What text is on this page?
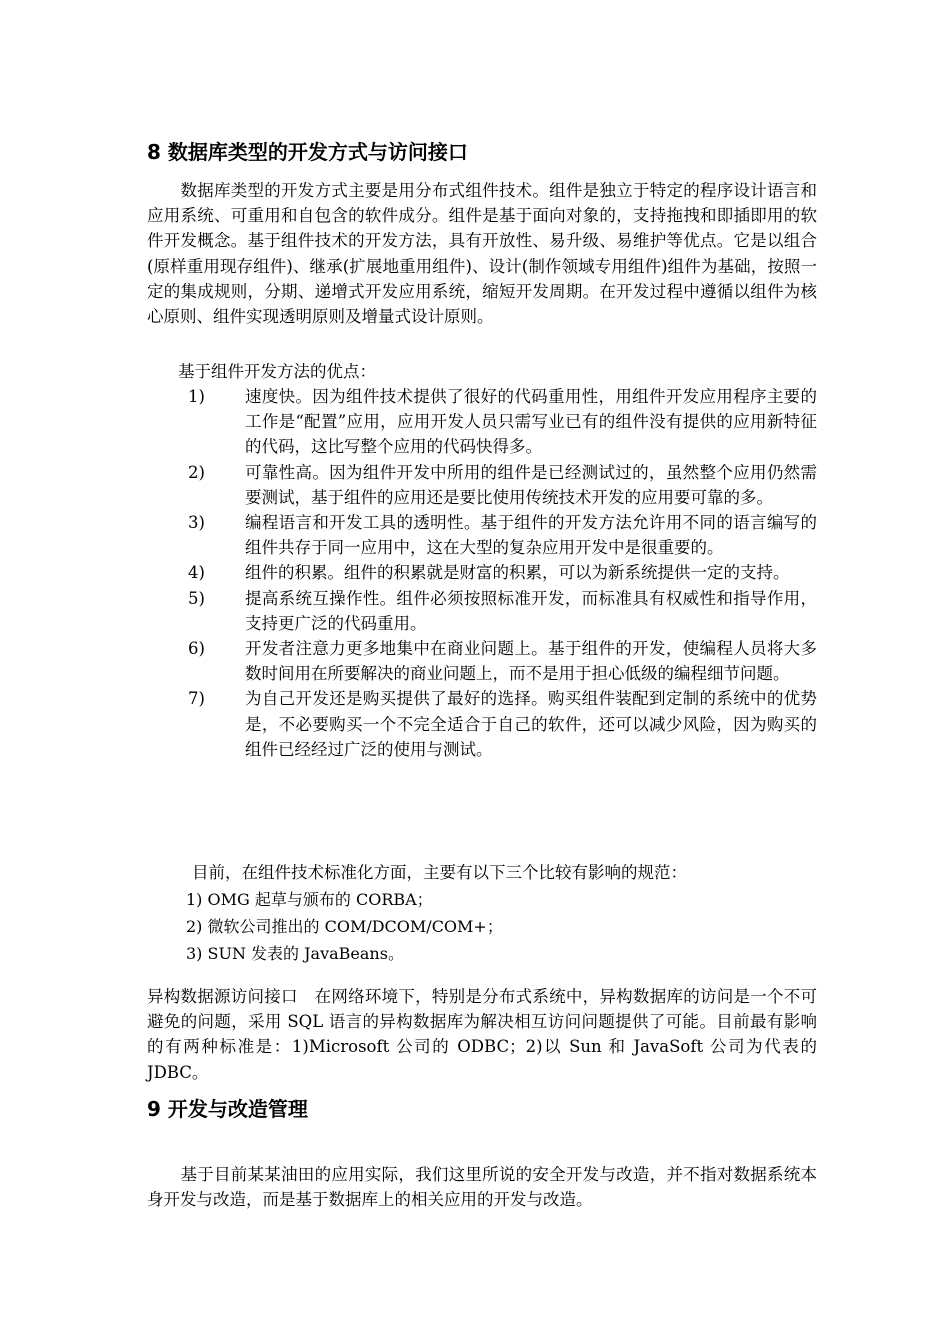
8 数据库类型的开发方式与访问接口

　　数据库类型的开发方式主要是用分布式组件技术。组件是独立于特定的程序设计语言和应用系统、可重用和自包含的软件成分。组件是基于面向对象的，支持拖拽和即插即用的软件开发概念。基于组件技术的开发方法，具有开放性、易升级、易维护等优点。它是以组合(原样重用现存组件)、继承(扩展地重用组件)、设计(制作领域专用组件)组件为基础，按照一定的集成规则，分期、递增式开发应用系统，缩短开发周期。在开发过程中遵循以组件为核心原则、组件实现透明原则及增量式设计原则。

基于组件开发方法的优点：

1) 速度快。因为组件技术提供了很好的代码重用性，用组件开发应用程序主要的工作是“配置”应用，应用开发人员只需写业已有的组件没有提供的应用新特征的代码，这比写整个应用的代码快得多。
2) 可靠性高。因为组件开发中所用的组件是已经测试过的，虽然整个应用仍然需要测试，基于组件的应用还是要比使用传统技术开发的应用要可靠的多。
3) 编程语言和开发工具的透明性。基于组件的开发方法允许用不同的语言编写的组件共存于同一应用中，这在大型的复杂应用开发中是很重要的。
4) 组件的积累。组件的积累就是财富的积累，可以为新系统提供一定的支持。
5) 提高系统互操作性。组件必须按照标准开发，而标准具有权威性和指导作用，支持更广泛的代码重用。
6) 开发者注意力更多地集中在商业问题上。基于组件的开发，使编程人员将大多数时间用在所要解决的商业问题上，而不是用于担心低级的编程细节问题。
7) 为自己开发还是购买提供了最好的选择。购买组件装配到定制的系统中的优势是，不必要购买一个不完全适合于自己的软件，还可以减少风险，因为购买的组件已经经过广泛的使用与测试。

目前，在组件技术标准化方面，主要有以下三个比较有影响的规范：

1) OMG 起草与颁布的 CORBA；
2) 微软公司推出的 COM/DCOM/COM+；
3) SUN 发表的 JavaBeans。

异构数据源访问接口　在网络环境下，特别是分布式系统中，异构数据库的访问是一个不可避免的问题，采用 SQL 语言的异构数据库为解决相互访问问题提供了可能。目前最有影响的有两种标准是：1)Microsoft 公司的 ODBC；2)以 Sun 和 JavaSoft 公司为代表的 JDBC。

9 开发与改造管理

　　基于目前某某油田的应用实际，我们这里所说的安全开发与改造，并不指对数据系统本身开发与改造，而是基于数据库上的相关应用的开发与改造。
